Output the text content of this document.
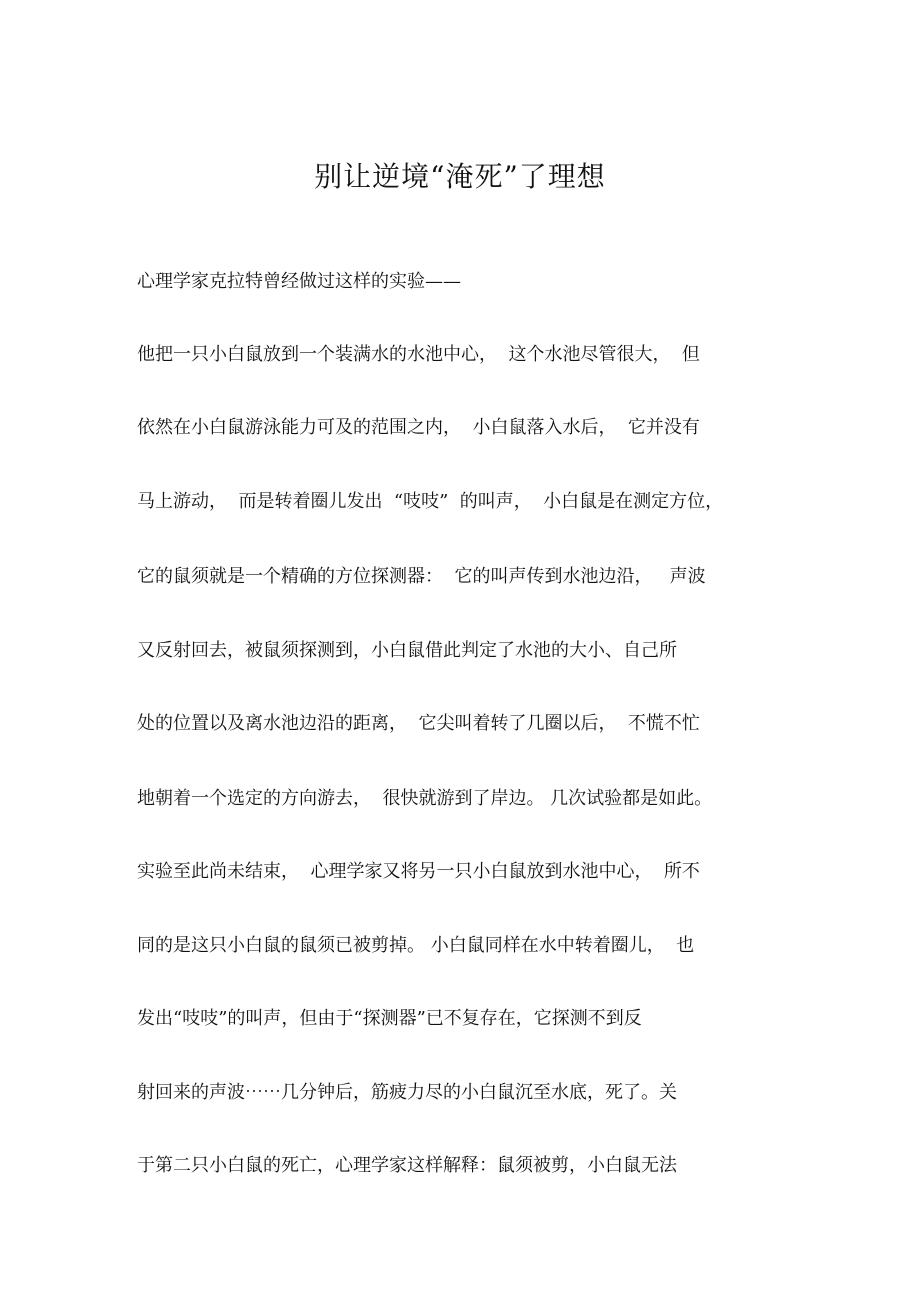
别让逆境“淹死”了理想
心理学家克拉特曾经做过这样的实验——
他把一只小白鼠放到一个装满水的水池中心，  这个水池尽管很大，  但
依然在小白鼠游泳能力可及的范围之内，  小白鼠落入水后，  它并没有
马上游动，  而是转着圈儿发出  “吱吱”  的叫声，  小白鼠是在测定方位，
它的鼠须就是一个精确的方位探测器：  它的叫声传到水池边沿，   声波
又反射回去，被鼠须探测到，小白鼠借此判定了水池的大小、自己所
处的位置以及离水池边沿的距离，  它尖叫着转了几圈以后，  不慌不忙
地朝着一个选定的方向游去，  很快就游到了岸边。 几次试验都是如此。
实验至此尚未结束，  心理学家又将另一只小白鼠放到水池中心，  所不
同的是这只小白鼠的鼠须已被剪掉。 小白鼠同样在水中转着圈儿，  也
发出“吱吱”的叫声，但由于“探测器”已不复存在，它探测不到反
射回来的声波⋯⋯几分钟后，筋疲力尽的小白鼠沉至水底，死了。关
于第二只小白鼠的死亡，心理学家这样解释：鼠须被剪，小白鼠无法
